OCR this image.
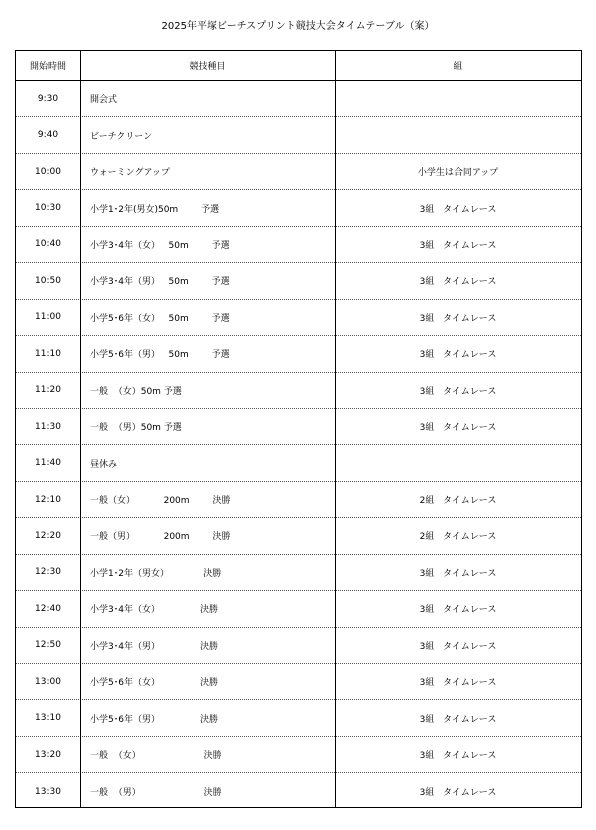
2025年平塚ビーチスプリント競技大会タイムテーブル（案）
開始時間	競技種目	組
9:30	開会式
9:40	ビーチクリーン
10:00	ウォーミングアップ	小学生は合同アップ
10:30	小学1･2年(男女)50m        予選	3組   タイムレース
10:40	小学3･4年（女）   50m        予選	3組   タイムレース
10:50	小学3･4年（男）   50m        予選	3組   タイムレース
11:00	小学5･6年（女）   50m        予選	3組   タイムレース
11:10	小学5･6年（男）   50m        予選	3組   タイムレース
11:20	一般  （女）50m 予選	3組   タイムレース
11:30	一般  （男）50m 予選	3組   タイムレース
11:40	昼休み
12:10	一般（女）          200m        決勝	2組   タイムレース
12:20	一般（男）          200m        決勝	2組   タイムレース
12:30	小学1･2年（男女）            決勝	3組   タイムレース
12:40	小学3･4年（女）              決勝	3組   タイムレース
12:50	小学3･4年（男）              決勝	3組   タイムレース
13:00	小学5･6年（女）              決勝	3組   タイムレース
13:10	小学5･6年（男）              決勝	3組   タイムレース
13:20	一般  （女）                      決勝	3組   タイムレース
13:30	一般  （男）                      決勝	3組   タイムレース
